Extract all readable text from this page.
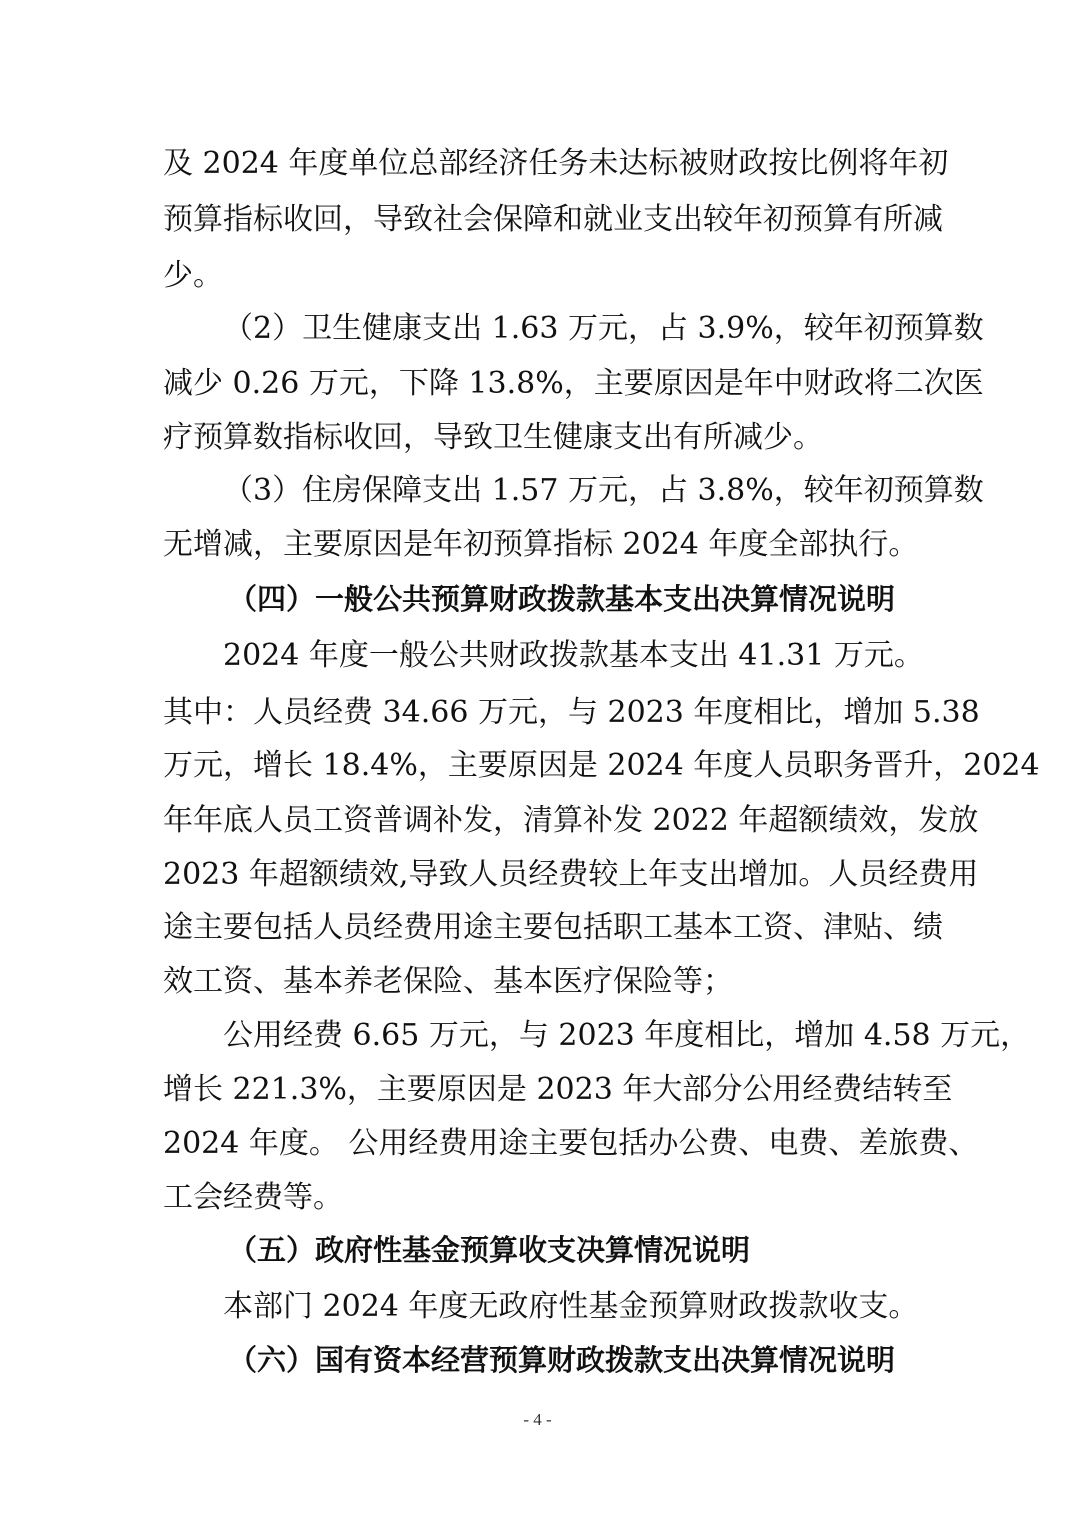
及 2024 年度单位总部经济任务未达标被财政按比例将年初
预算指标收回，导致社会保障和就业支出较年初预算有所减
少。
（2）卫生健康支出 1.63 万元，占 3.9%，较年初预算数
减少 0.26 万元，下降 13.8%，主要原因是年中财政将二次医
疗预算数指标收回，导致卫生健康支出有所减少。
（3）住房保障支出 1.57 万元，占 3.8%，较年初预算数
无增减，主要原因是年初预算指标 2024 年度全部执行。
（四）一般公共预算财政拨款基本支出决算情况说明
2024 年度一般公共财政拨款基本支出 41.31 万元。
其中：人员经费 34.66 万元，与 2023 年度相比，增加 5.38
万元，增长 18.4%，主要原因是 2024 年度人员职务晋升，2024
年年底人员工资普调补发，清算补发 2022 年超额绩效，发放
2023 年超额绩效,导致人员经费较上年支出增加。人员经费用
途主要包括人员经费用途主要包括职工基本工资、津贴、绩
效工资、基本养老保险、基本医疗保险等；
公用经费 6.65 万元，与 2023 年度相比，增加 4.58 万元，
增长 221.3%，主要原因是 2023 年大部分公用经费结转至
2024 年度。 公用经费用途主要包括办公费、电费、差旅费、
工会经费等。
（五）政府性基金预算收支决算情况说明
本部门 2024 年度无政府性基金预算财政拨款收支。
（六）国有资本经营预算财政拨款支出决算情况说明
- 4 -
